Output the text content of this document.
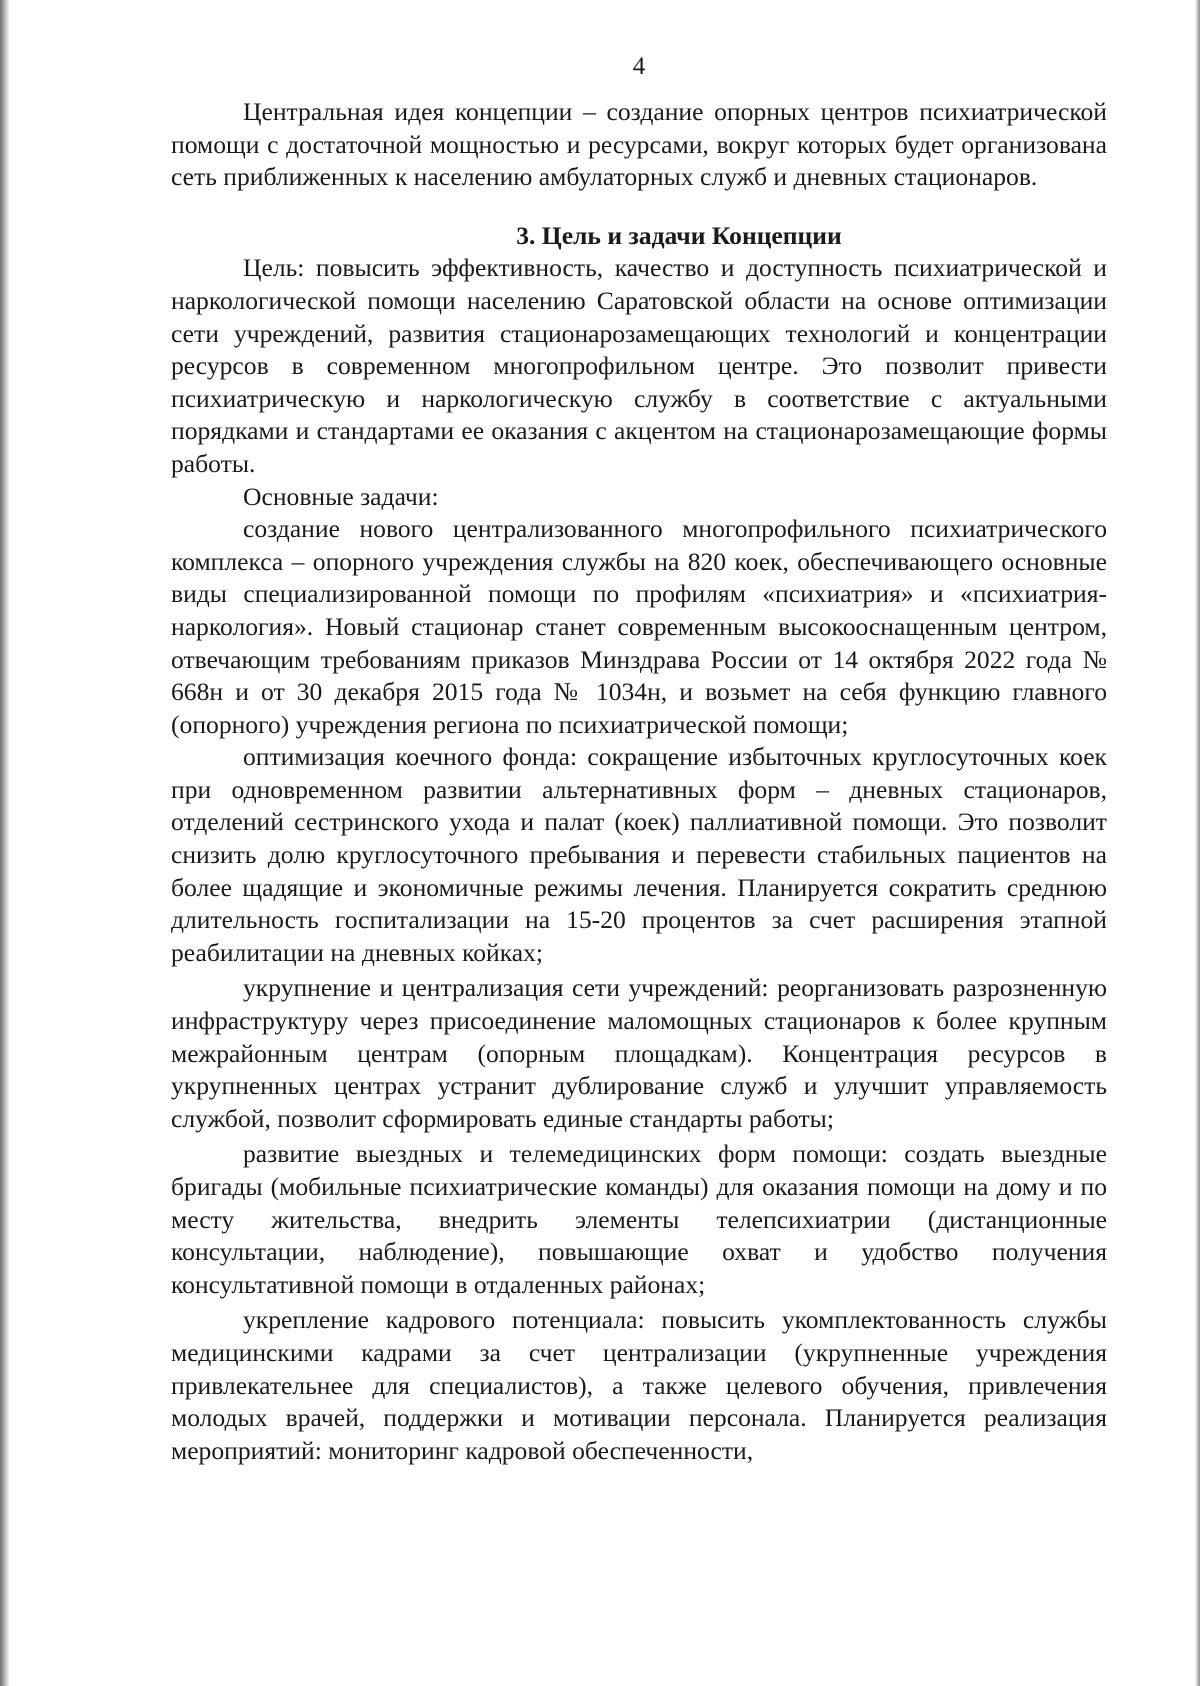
4

Центральная идея концепции – создание опорных центров психиатрической помощи с достаточной мощностью и ресурсами, вокруг которых будет организована сеть приближенных к населению амбулаторных служб и дневных стационаров.

3. Цель и задачи Концепции

Цель: повысить эффективность, качество и доступность психиатрической и наркологической помощи населению Саратовской области на основе оптимизации сети учреждений, развития стационарозамещающих технологий и концентрации ресурсов в современном многопрофильном центре. Это позволит привести психиатрическую и наркологическую службу в соответствие с актуальными порядками и стандартами ее оказания с акцентом на стационарозамещающие формы работы.

Основные задачи:

создание нового централизованного многопрофильного психиатрического комплекса – опорного учреждения службы на 820 коек, обеспечивающего основные виды специализированной помощи по профилям «психиатрия» и «психиатрия-наркология». Новый стационар станет современным высокооснащенным центром, отвечающим требованиям приказов Минздрава России от 14 октября 2022 года № 668н и от 30 декабря 2015 года № 1034н, и возьмет на себя функцию главного (опорного) учреждения региона по психиатрической помощи;

оптимизация коечного фонда: сокращение избыточных круглосуточных коек при одновременном развитии альтернативных форм – дневных стационаров, отделений сестринского ухода и палат (коек) паллиативной помощи. Это позволит снизить долю круглосуточного пребывания и перевести стабильных пациентов на более щадящие и экономичные режимы лечения. Планируется сократить среднюю длительность госпитализации на 15-20 процентов за счет расширения этапной реабилитации на дневных койках;

укрупнение и централизация сети учреждений: реорганизовать разрозненную инфраструктуру через присоединение маломощных стационаров к более крупным межрайонным центрам (опорным площадкам). Концентрация ресурсов в укрупненных центрах устранит дублирование служб и улучшит управляемость службой, позволит сформировать единые стандарты работы;

развитие выездных и телемедицинских форм помощи: создать выездные бригады (мобильные психиатрические команды) для оказания помощи на дому и по месту жительства, внедрить элементы телепсихиатрии (дистанционные консультации, наблюдение), повышающие охват и удобство получения консультативной помощи в отдаленных районах;

укрепление кадрового потенциала: повысить укомплектованность службы медицинскими кадрами за счет централизации (укрупненные учреждения привлекательнее для специалистов), а также целевого обучения, привлечения молодых врачей, поддержки и мотивации персонала. Планируется реализация мероприятий: мониторинг кадровой обеспеченности,
